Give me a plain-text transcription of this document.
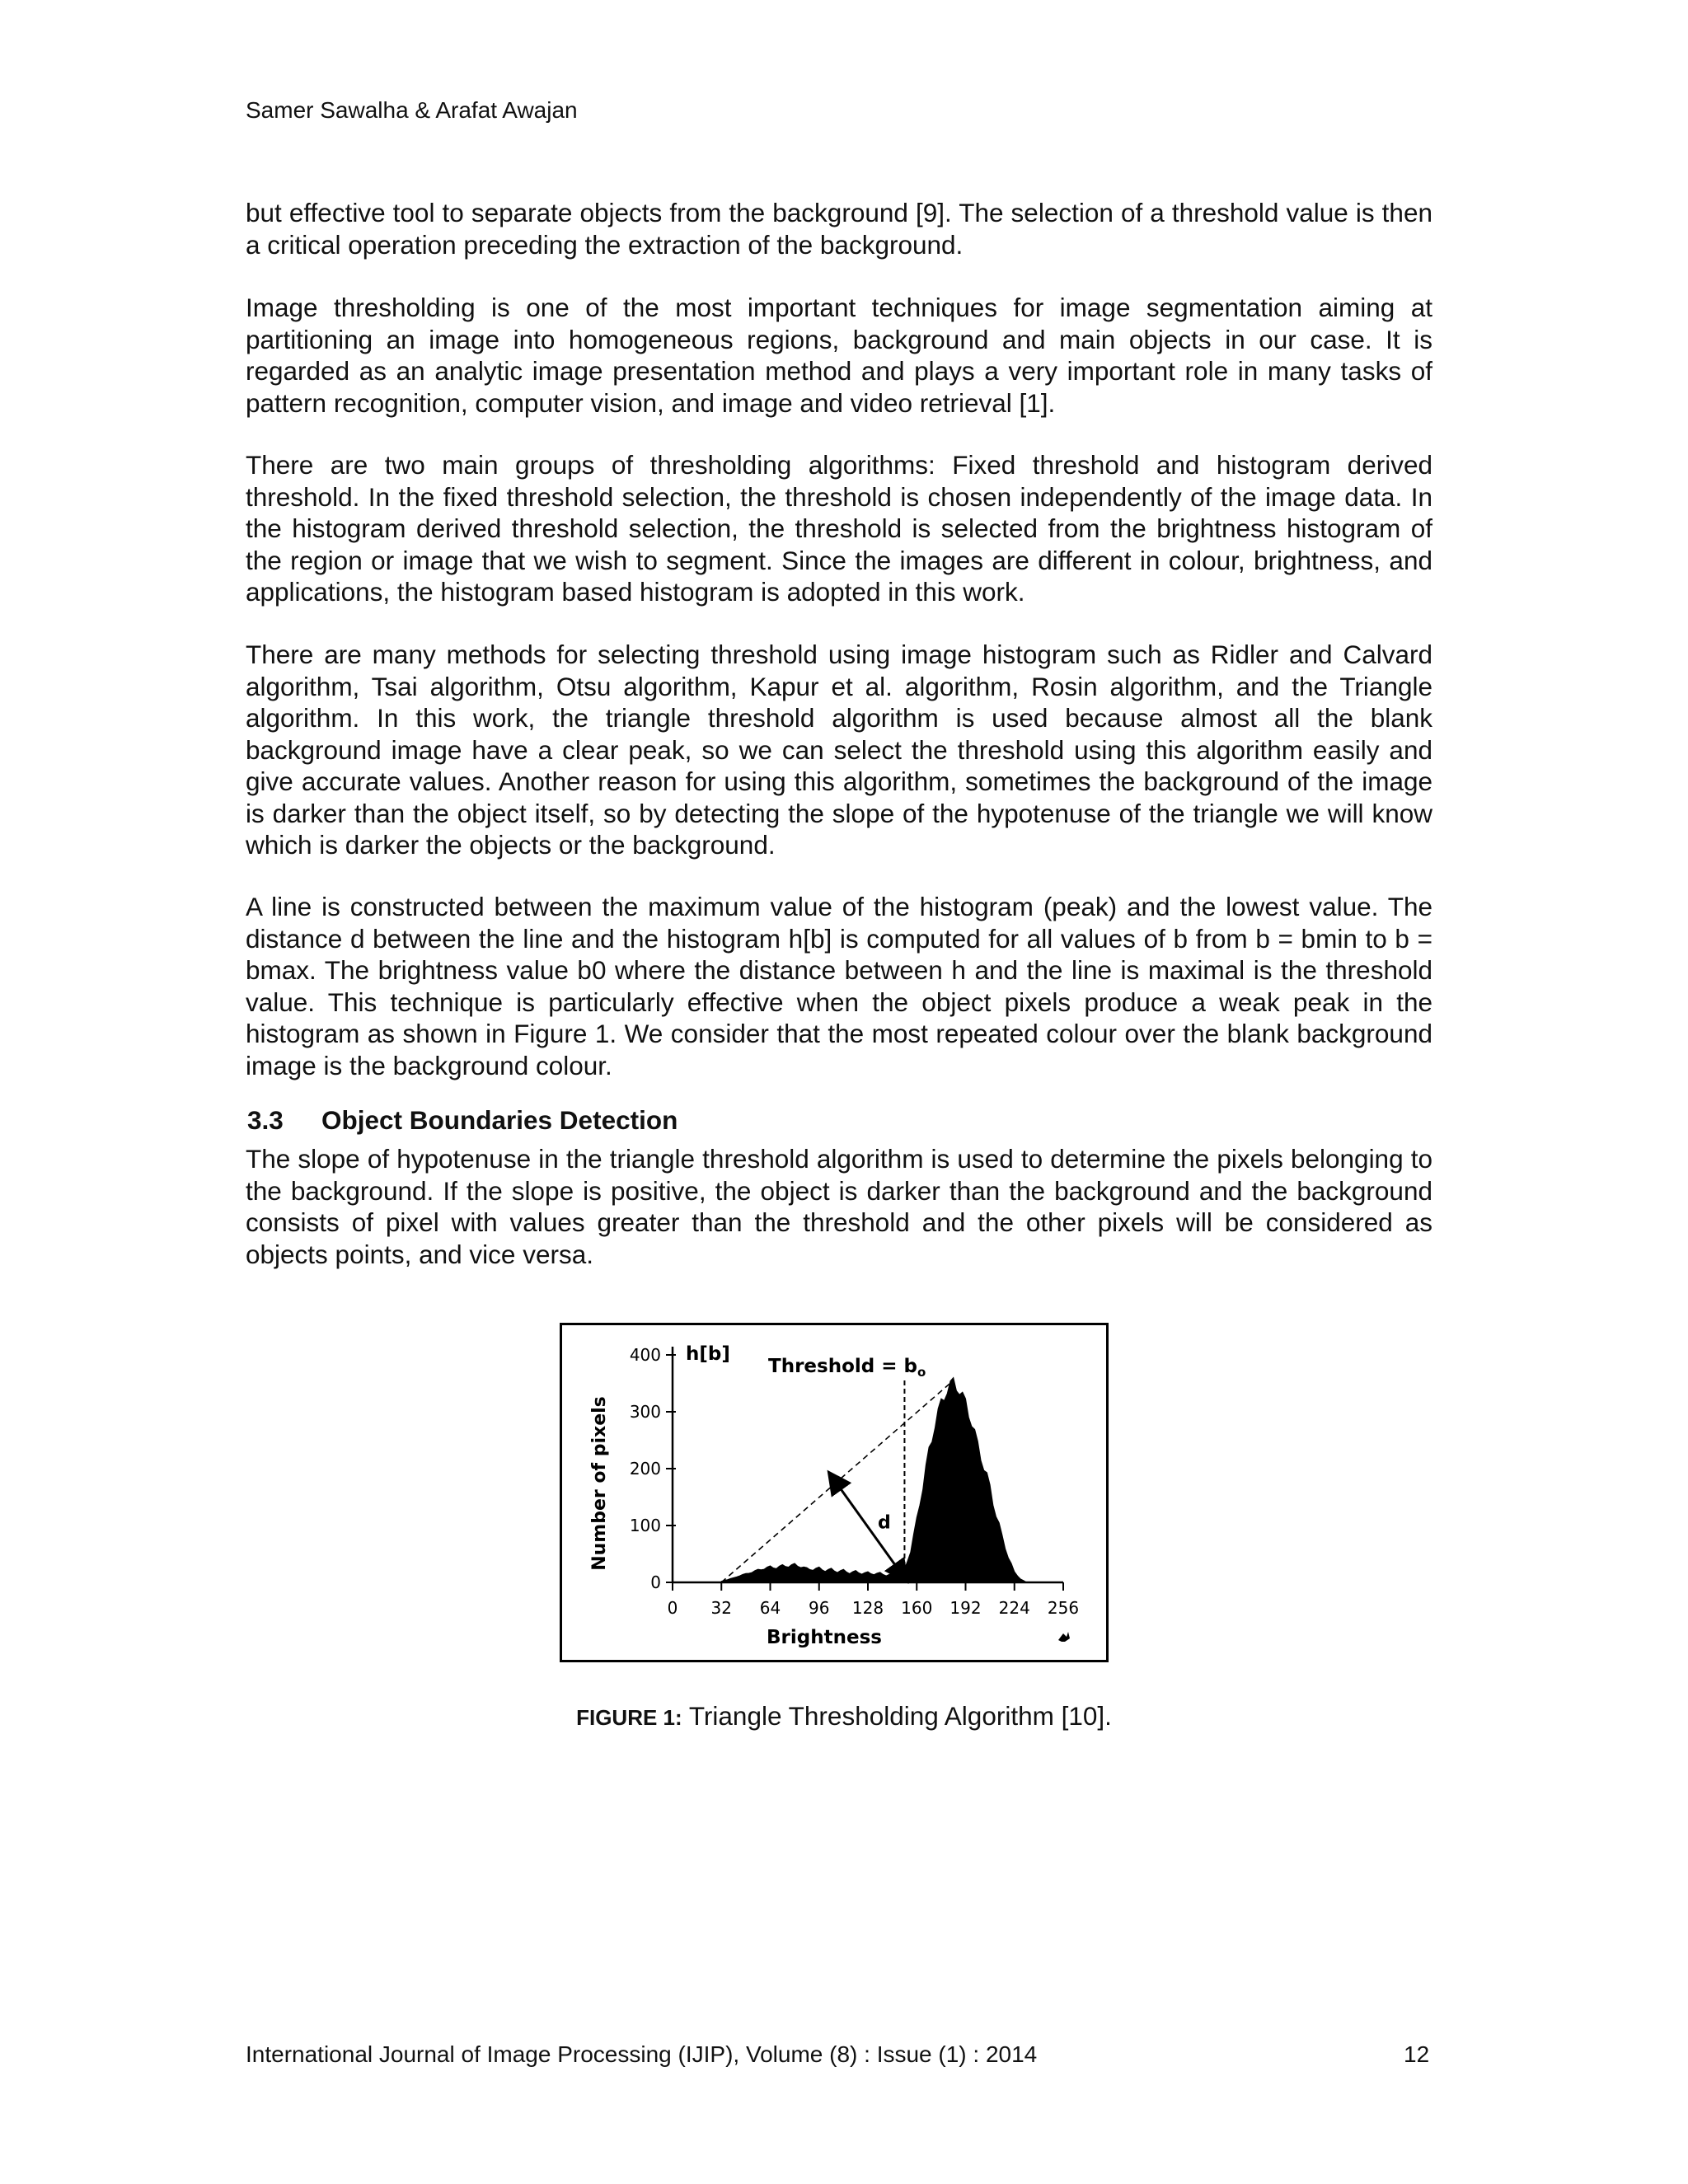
Samer Sawalha & Arafat Awajan

but effective tool to separate objects from the background [9]. The selection of a threshold value is then a critical operation preceding the extraction of the background.

Image thresholding is one of the most important techniques for image segmentation aiming at partitioning an image into homogeneous regions, background and main objects in our case. It is regarded as an analytic image presentation method and plays a very important role in many tasks of pattern recognition, computer vision, and image and video retrieval [1].

There are two main groups of thresholding algorithms: Fixed threshold and histogram derived threshold. In the fixed threshold selection, the threshold is chosen independently of the image data. In the histogram derived threshold selection, the threshold is selected from the brightness histogram of the region or image that we wish to segment. Since the images are different in colour, brightness, and applications, the histogram based histogram is adopted in this work.

There are many methods for selecting threshold using image histogram such as Ridler and Calvard algorithm, Tsai algorithm, Otsu algorithm, Kapur et al. algorithm, Rosin algorithm, and the Triangle algorithm. In this work, the triangle threshold algorithm is used because almost all the blank background image have a clear peak, so we can select the threshold using this algorithm easily and give accurate values. Another reason for using this algorithm, sometimes the background of the image is darker than the object itself, so by detecting the slope of the hypotenuse of the triangle we will know which is darker the objects or the background.

A line is constructed between the maximum value of the histogram (peak) and the lowest value. The distance d between the line and the histogram h[b] is computed for all values of b from b = bmin to b = bmax. The brightness value b0 where the distance between h and the line is maximal is the threshold value. This technique is particularly effective when the object pixels produce a weak peak in the histogram as shown in Figure 1. We consider that the most repeated colour over the blank background image is the background colour.

3.3 Object Boundaries Detection

The slope of hypotenuse in the triangle threshold algorithm is used to determine the pixels belonging to the background. If the slope is positive, the object is darker than the background and the background consists of pixel with values greater than the threshold and the other pixels will be considered as objects points, and vice versa.

0
100
200
300
400
0 32 64 96 128 160 192 224 256
Number of pixels
h[b]
Threshold = $b_o$
d
Brightness
FIGURE 1: Triangle Thresholding Algorithm [10].
International Journal of Image Processing (IJIP), Volume (8) : Issue (1) : 2014	12
